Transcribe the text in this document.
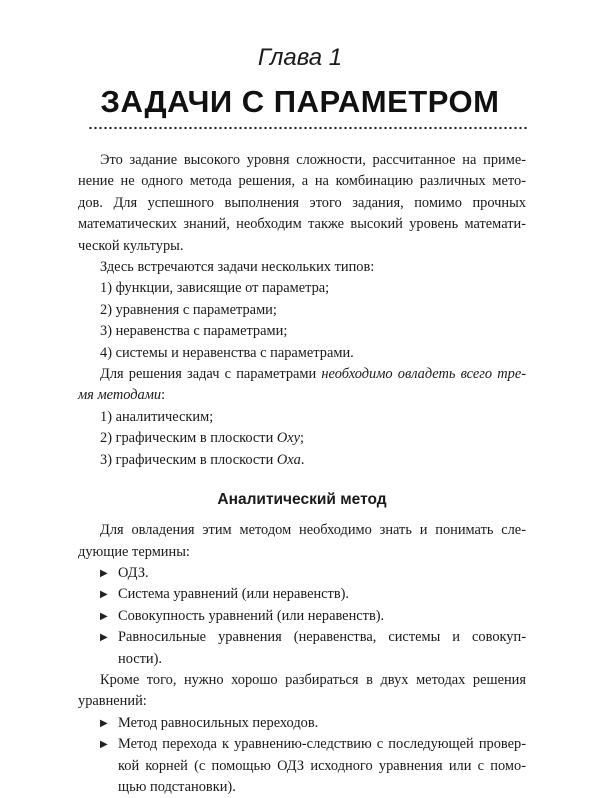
Глава 1
ЗАДАЧИ С ПАРАМЕТРОМ

Это задание высокого уровня сложности, рассчитанное на приме-

нение не одного метода решения, а на комбинацию различных мето-

дов. Для успешного выполнения этого задания, помимо прочных

математических знаний, необходим также высокий уровень математи-

ческой культуры.

Здесь встречаются задачи нескольких типов:

1) функции, зависящие от параметра;

2) уравнения с параметрами;

3) неравенства с параметрами;

4) системы и неравенства с параметрами.

Для решения задач с параметрами необходимо овладеть всего тре-

мя методами:

1) аналитическим;

2) графическим в плоскости Oxy;

3) графическим в плоскости Oxa.

Аналитический метод

Для овладения этим методом необходимо знать и понимать сле-

дующие термины:

▶ ОДЗ.

▶ Система уравнений (или неравенств).

▶ Совокупность уравнений (или неравенств).

▶ Равносильные уравнения (неравенства, системы и совокуп-

ности).

Кроме того, нужно хорошо разбираться в двух методах решения

уравнений:

▶ Метод равносильных переходов.

▶ Метод перехода к уравнению-следствию с последующей провер-

кой корней (с помощью ОДЗ исходного уравнения или с помо-

щью подстановки).
